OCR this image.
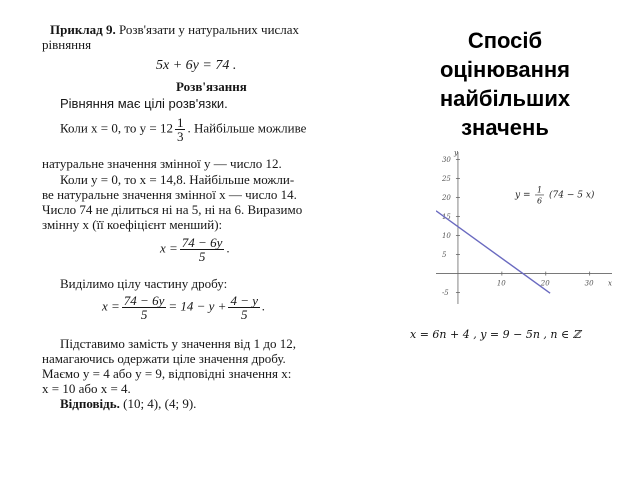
Приклад 9. Розв'язати у натуральних числах
рівняння
5x + 6y = 74 .
Розв'язання
Рівняння має цілі розв'язки.
Коли x = 0, то $y = 12 \frac{1}{3}$ . Найбільше можливе
натуральне значення змінної y — число 12.
Коли y = 0, то x = 14,8. Найбільше можли-
ве натуральне значення змінної x — число 14.
Число 74 не ділиться ні на 5, ні на 6. Виразимо
змінну x (її коефіцієнт менший):
$x = \frac{74 - 6y}{5}$ .
Виділимо цілу частину дробу:
$x = \frac{74 - 6y}{5} = 14 - y + \frac{4 - y}{5}$ .
Підставимо замість y значення від 1 до 12,
намагаючись одержати ціле значення дробу.
Маємо y = 4 або y = 9, відповідні значення x:
x = 10 або x = 4.
Відповідь. (10; 4), (4; 9).
Спосіб
оцінювання
найбільших
значень
x
y
10	20	30
-5
5
10
15
20
25
30
y =
1
6
(74 − 5 x)
x = 6n + 4 , y = 9 − 5n , n ∈ ℤ
